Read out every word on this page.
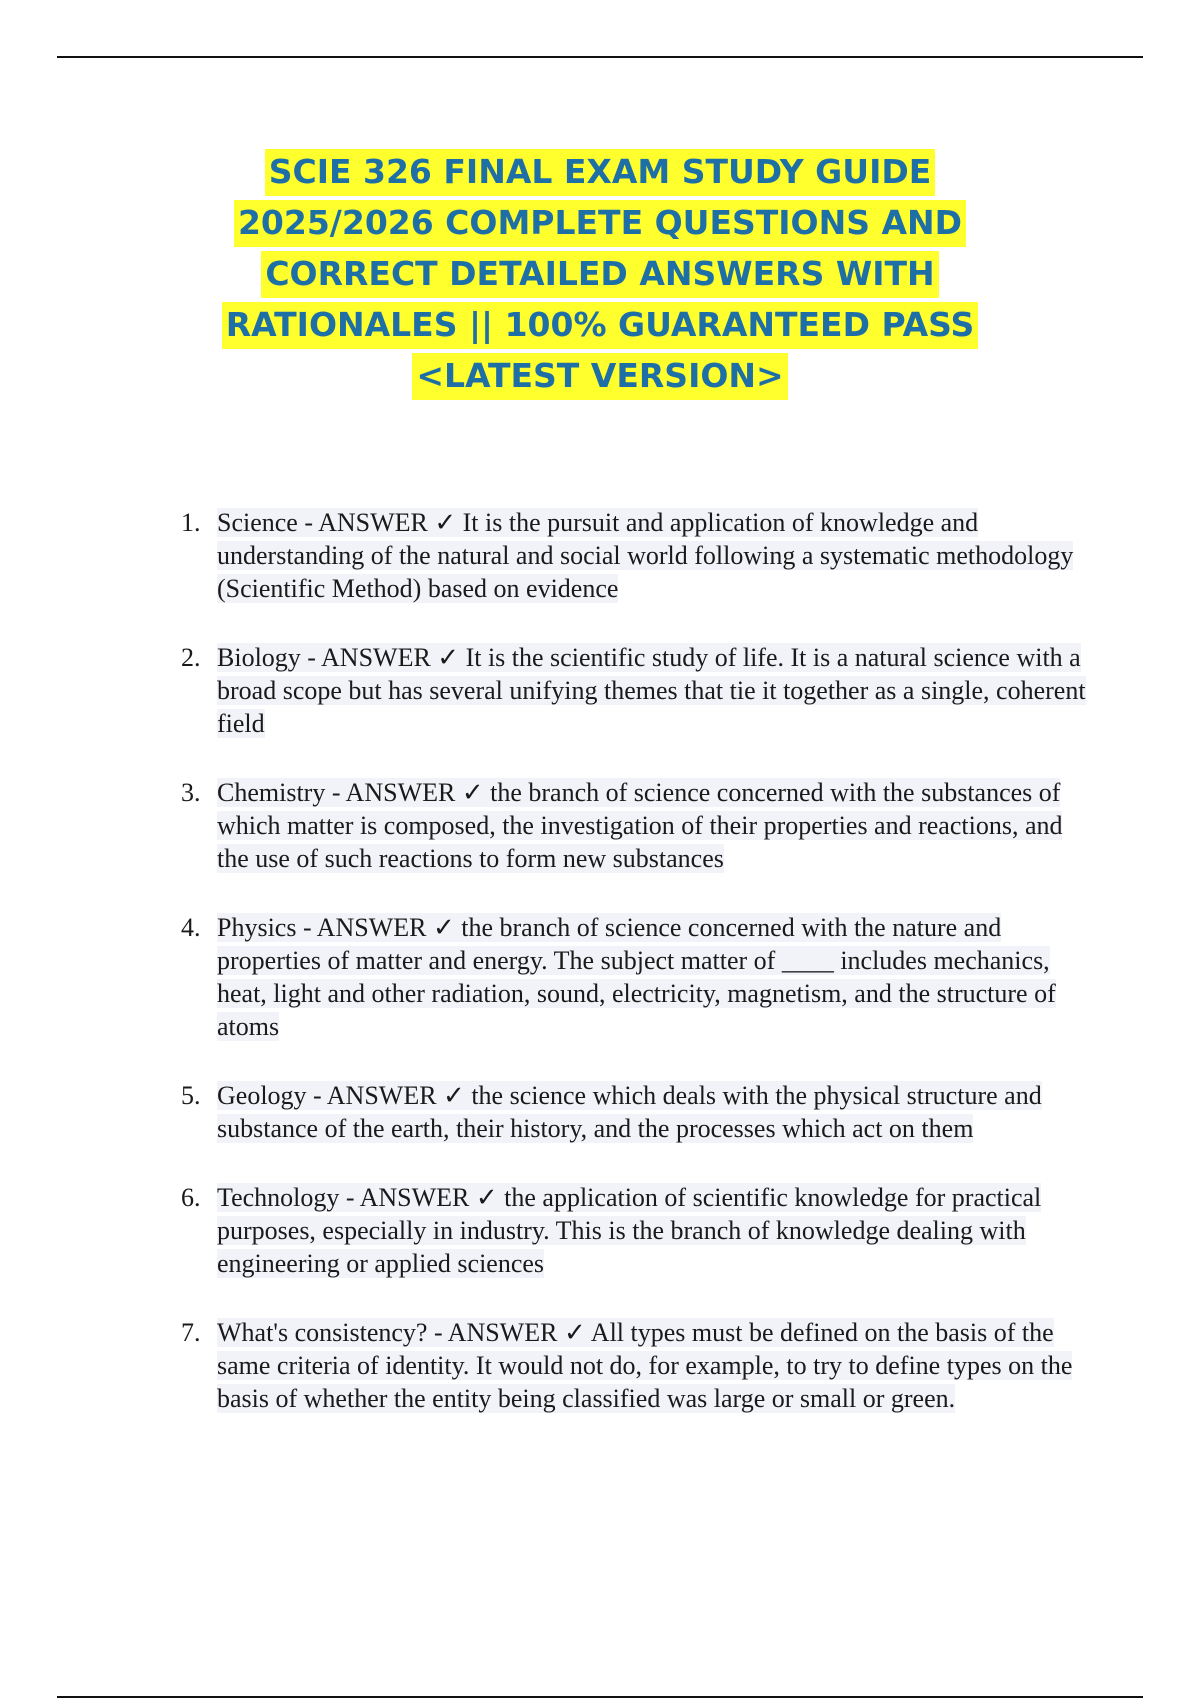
SCIE 326 FINAL EXAM STUDY GUIDE
2025/2026 COMPLETE QUESTIONS AND
CORRECT DETAILED ANSWERS WITH
RATIONALES || 100% GUARANTEED PASS
<LATEST VERSION>
1. Science - ANSWER ✓ It is the pursuit and application of knowledge and understanding of the natural and social world following a systematic methodology (Scientific Method) based on evidence
2. Biology - ANSWER ✓ It is the scientific study of life. It is a natural science with a broad scope but has several unifying themes that tie it together as a single, coherent field
3. Chemistry - ANSWER ✓ the branch of science concerned with the substances of which matter is composed, the investigation of their properties and reactions, and the use of such reactions to form new substances
4. Physics - ANSWER ✓ the branch of science concerned with the nature and properties of matter and energy. The subject matter of ____ includes mechanics, heat, light and other radiation, sound, electricity, magnetism, and the structure of atoms
5. Geology - ANSWER ✓ the science which deals with the physical structure and substance of the earth, their history, and the processes which act on them
6. Technology - ANSWER ✓ the application of scientific knowledge for practical purposes, especially in industry. This is the branch of knowledge dealing with engineering or applied sciences
7. What's consistency? - ANSWER ✓ All types must be defined on the basis of the same criteria of identity. It would not do, for example, to try to define types on the basis of whether the entity being classified was large or small or green.
